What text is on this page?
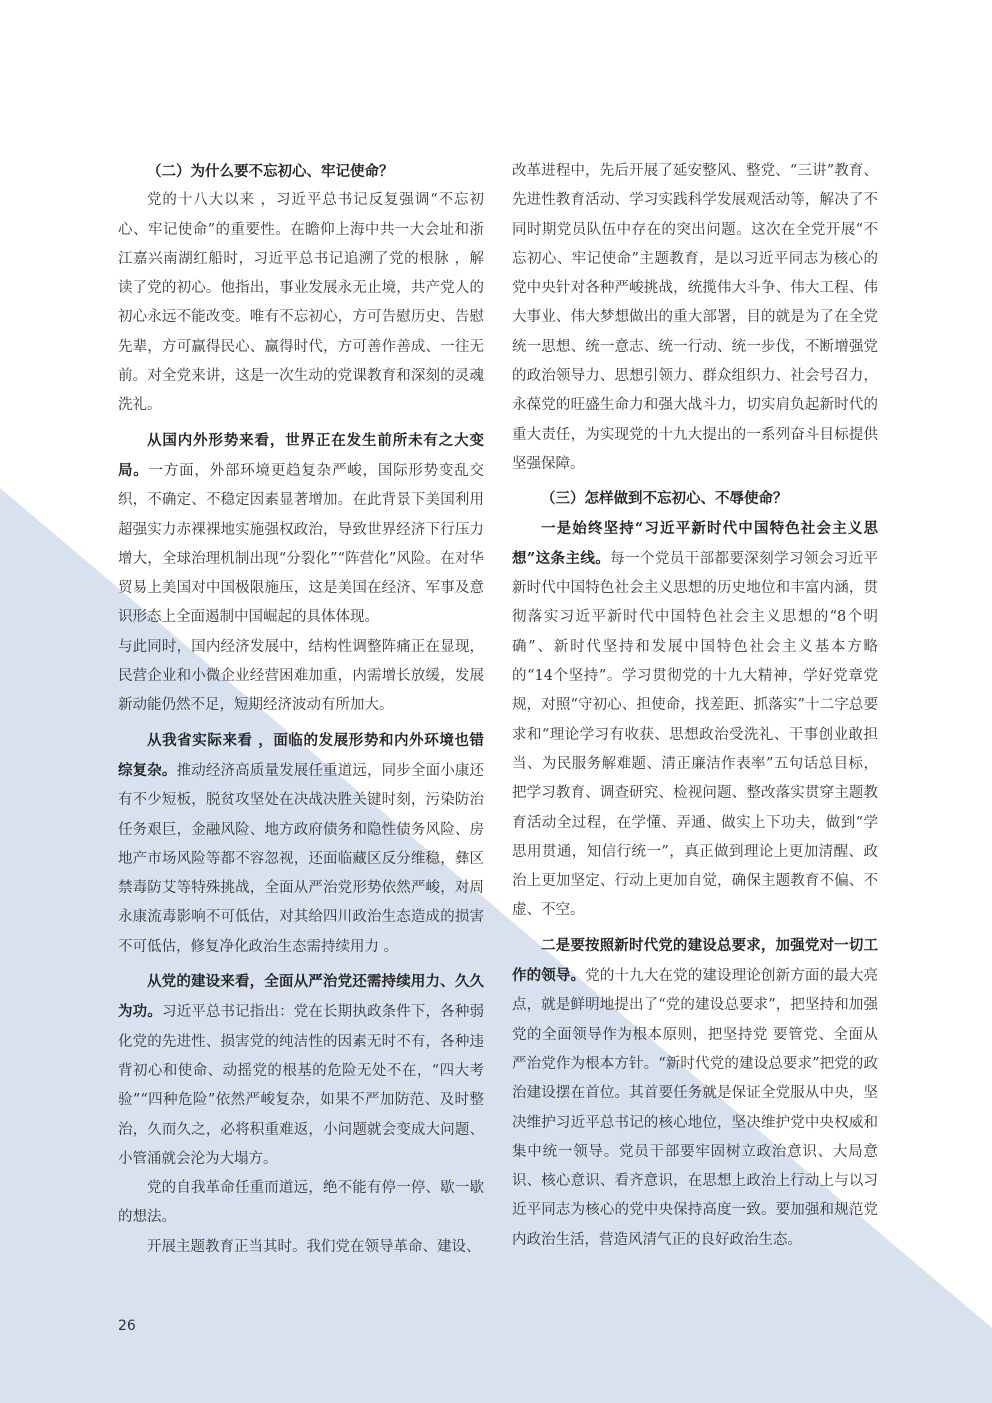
（二）为什么要不忘初心、牢记使命？

党的十八大以来 ，习近平总书记反复强调“不忘初心、牢记使命”的重要性。在瞻仰上海中共一大会址和浙江嘉兴南湖红船时，习近平总书记追溯了党的根脉 ，解读了党的初心。他指出，事业发展永无止境，共产党人的初心永远不能改变。唯有不忘初心，方可告慰历史、告慰先辈，方可赢得民心、赢得时代，方可善作善成、一往无前。对全党来讲，这是一次生动的党课教育和深刻的灵魂洗礼。

从国内外形势来看，世界正在发生前所未有之大变局。一方面，外部环境更趋复杂严峻，国际形势变乱交织，不确定、不稳定因素显著增加。在此背景下美国利用超强实力赤裸裸地实施强权政治，导致世界经济下行压力增大，全球治理机制出现“分裂化”“阵营化”风险。在对华贸易上美国对中国极限施压，这是美国在经济、军事及意识形态上全面遏制中国崛起的具体体现。

与此同时，国内经济发展中，结构性调整阵痛正在显现，民营企业和小微企业经营困难加重，内需增长放缓，发展新动能仍然不足，短期经济波动有所加大。

从我省实际来看 ，面临的发展形势和内外环境也错综复杂。推动经济高质量发展任重道远，同步全面小康还有不少短板，脱贫攻坚处在决战决胜关键时刻，污染防治任务艰巨，金融风险、地方政府债务和隐性债务风险、房地产市场风险等都不容忽视，还面临藏区反分维稳，彝区禁毒防艾等特殊挑战，全面从严治党形势依然严峻，对周永康流毒影响不可低估，对其给四川政治生态造成的损害不可低估，修复净化政治生态需持续用力 。

从党的建设来看，全面从严治党还需持续用力、久久为功。习近平总书记指出：党在长期执政条件下，各种弱化党的先进性、损害党的纯洁性的因素无时不有，各种违背初心和使命、动摇党的根基的危险无处不在，“四大考验”“四种危险”依然严峻复杂，如果不严加防范、及时整治，久而久之，必将积重难返，小问题就会变成大问题、小管涌就会沦为大塌方。

党的自我革命任重而道远，绝不能有停一停、歇一歇的想法。

开展主题教育正当其时。我们党在领导革命、建设、

改革进程中，先后开展了延安整风、整党、“三讲”教育、先进性教育活动、学习实践科学发展观活动等，解决了不同时期党员队伍中存在的突出问题。这次在全党开展“不忘初心、牢记使命”主题教育，是以习近平同志为核心的党中央针对各种严峻挑战，统揽伟大斗争、伟大工程、伟大事业、伟大梦想做出的重大部署，目的就是为了在全党统一思想、统一意志、统一行动、统一步伐，不断增强党的政治领导力、思想引领力、群众组织力、社会号召力，永葆党的旺盛生命力和强大战斗力，切实肩负起新时代的重大责任，为实现党的十九大提出的一系列奋斗目标提供坚强保障。

（三）怎样做到不忘初心、不辱使命？

一是始终坚持“习近平新时代中国特色社会主义思想”这条主线。每一个党员干部都要深刻学习领会习近平新时代中国特色社会主义思想的历史地位和丰富内涵，贯彻落实习近平新时代中国特色社会主义思想的“8个明确”、新时代坚持和发展中国特色社会主义基本方略的“14个坚持”。学习贯彻党的十九大精神，学好党章党规，对照“守初心、担使命，找差距、抓落实”十二字总要求和“理论学习有收获、思想政治受洗礼、干事创业敢担当、为民服务解难题、清正廉洁作表率”五句话总目标，把学习教育、调查研究、检视问题、整改落实贯穿主题教育活动全过程，在学懂、弄通、做实上下功夫，做到“学思用贯通，知信行统一”，真正做到理论上更加清醒、政治上更加坚定、行动上更加自觉，确保主题教育不偏、不虚、不空。

二是要按照新时代党的建设总要求，加强党对一切工作的领导。党的十九大在党的建设理论创新方面的最大亮点，就是鲜明地提出了“党的建设总要求”，把坚持和加强党的全面领导作为根本原则，把坚持党 要管党、全面从严治党作为根本方针。“新时代党的建设总要求”把党的政治建设摆在首位。其首要任务就是保证全党服从中央，坚决维护习近平总书记的核心地位，坚决维护党中央权威和集中统一领导。党员干部要牢固树立政治意识、大局意识、核心意识、看齐意识，在思想上政治上行动上与以习近平同志为核心的党中央保持高度一致。要加强和规范党内政治生活，营造风清气正的良好政治生态。

26
